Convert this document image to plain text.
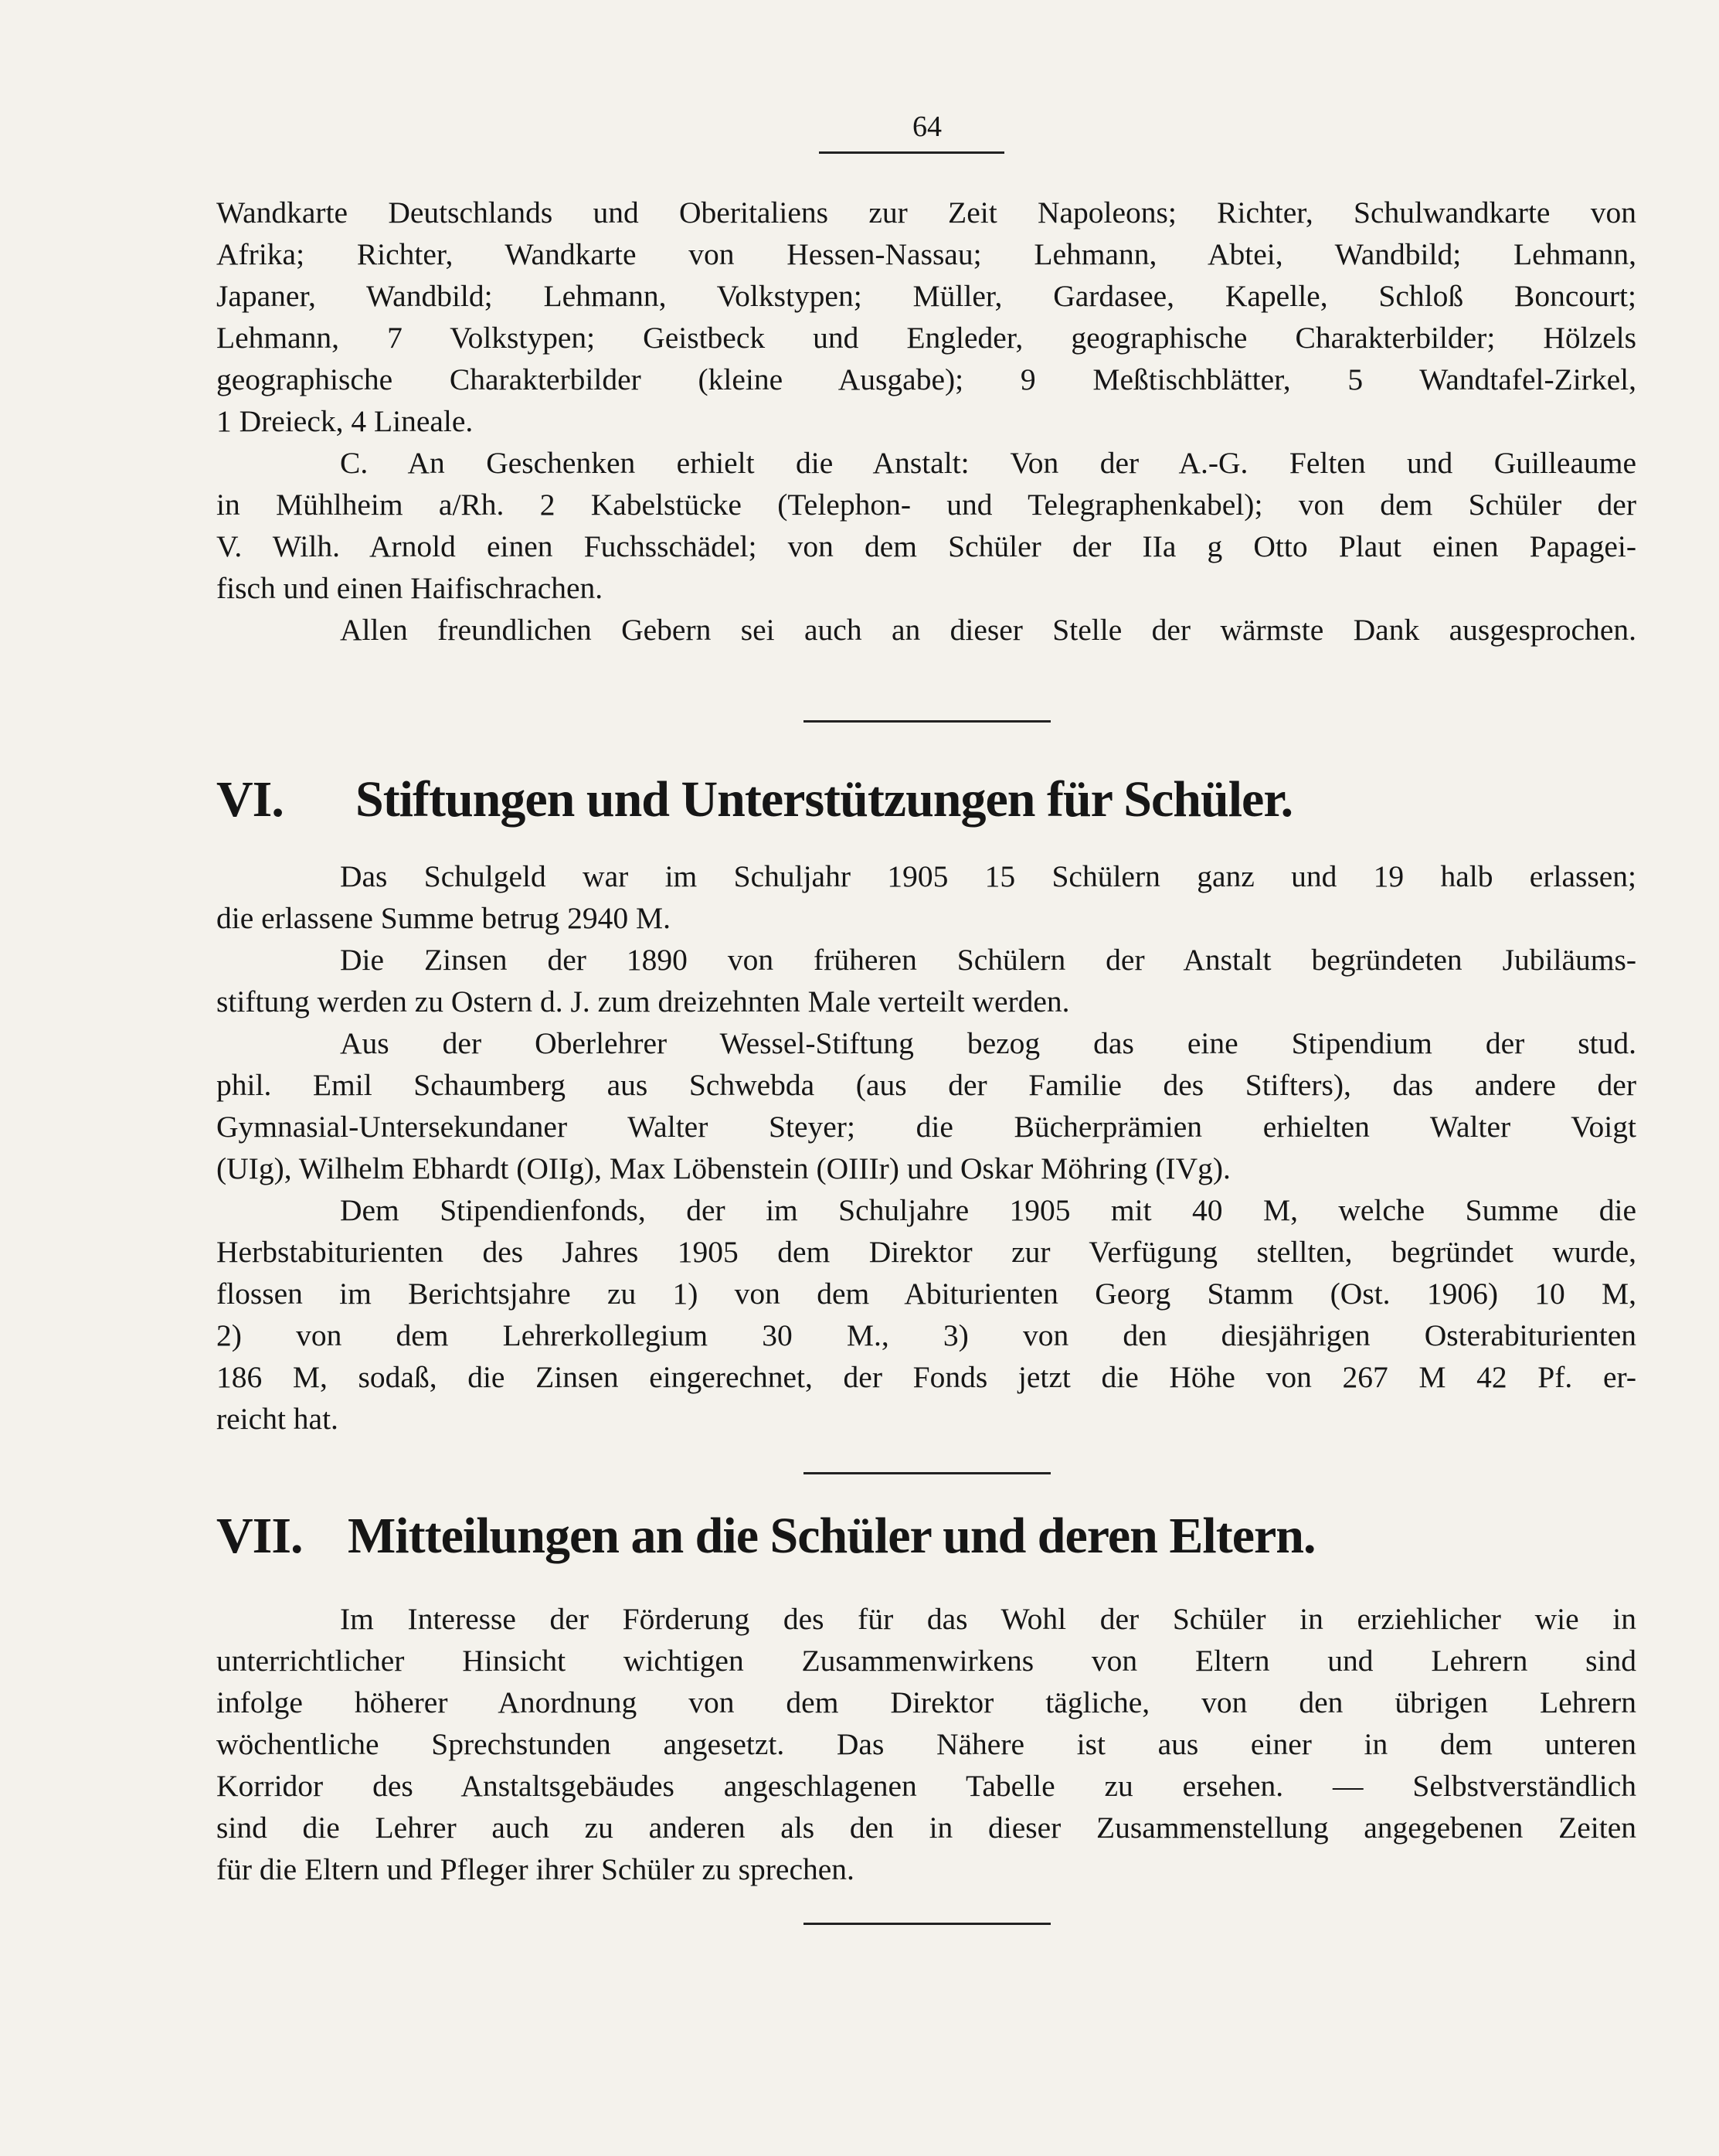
64
Wandkarte Deutschlands und Oberitaliens zur Zeit Napoleons; Richter, Schulwandkarte von
Afrika; Richter, Wandkarte von Hessen-Nassau; Lehmann, Abtei, Wandbild; Lehmann,
Japaner, Wandbild; Lehmann, Volkstypen; Müller, Gardasee, Kapelle, Schloß Boncourt;
Lehmann, 7 Volkstypen; Geistbeck und Engleder, geographische Charakterbilder; Hölzels
geographische Charakterbilder (kleine Ausgabe); 9 Meßtischblätter, 5 Wandtafel-Zirkel,
1 Dreieck, 4 Lineale.
C. An Geschenken erhielt die Anstalt: Von der A.-G. Felten und Guilleaume
in Mühlheim a/Rh. 2 Kabelstücke (Telephon- und Telegraphenkabel); von dem Schüler der
V. Wilh. Arnold einen Fuchsschädel; von dem Schüler der IIa g Otto Plaut einen Papagei-
fisch und einen Haifischrachen.
Allen freundlichen Gebern sei auch an dieser Stelle der wärmste Dank ausgesprochen.
VI. Stiftungen und Unterstützungen für Schüler.
Das Schulgeld war im Schuljahr 1905 15 Schülern ganz und 19 halb erlassen;
die erlassene Summe betrug 2940 M.
Die Zinsen der 1890 von früheren Schülern der Anstalt begründeten Jubiläums-
stiftung werden zu Ostern d. J. zum dreizehnten Male verteilt werden.
Aus der Oberlehrer Wessel-Stiftung bezog das eine Stipendium der stud.
phil. Emil Schaumberg aus Schwebda (aus der Familie des Stifters), das andere der
Gymnasial-Untersekundaner Walter Steyer; die Bücherprämien erhielten Walter Voigt
(UIg), Wilhelm Ebhardt (OIIg), Max Löbenstein (OIIIr) und Oskar Möhring (IVg).
Dem Stipendienfonds, der im Schuljahre 1905 mit 40 M, welche Summe die
Herbstabiturienten des Jahres 1905 dem Direktor zur Verfügung stellten, begründet wurde,
flossen im Berichtsjahre zu 1) von dem Abiturienten Georg Stamm (Ost. 1906) 10 M,
2) von dem Lehrerkollegium 30 M., 3) von den diesjährigen Osterabiturienten
186 M, sodaß, die Zinsen eingerechnet, der Fonds jetzt die Höhe von 267 M 42 Pf. er-
reicht hat.
VII. Mitteilungen an die Schüler und deren Eltern.
Im Interesse der Förderung des für das Wohl der Schüler in erziehlicher wie in
unterrichtlicher Hinsicht wichtigen Zusammenwirkens von Eltern und Lehrern sind
infolge höherer Anordnung von dem Direktor tägliche, von den übrigen Lehrern
wöchentliche Sprechstunden angesetzt. Das Nähere ist aus einer in dem unteren
Korridor des Anstaltsgebäudes angeschlagenen Tabelle zu ersehen. — Selbstverständlich
sind die Lehrer auch zu anderen als den in dieser Zusammenstellung angegebenen Zeiten
für die Eltern und Pfleger ihrer Schüler zu sprechen.
